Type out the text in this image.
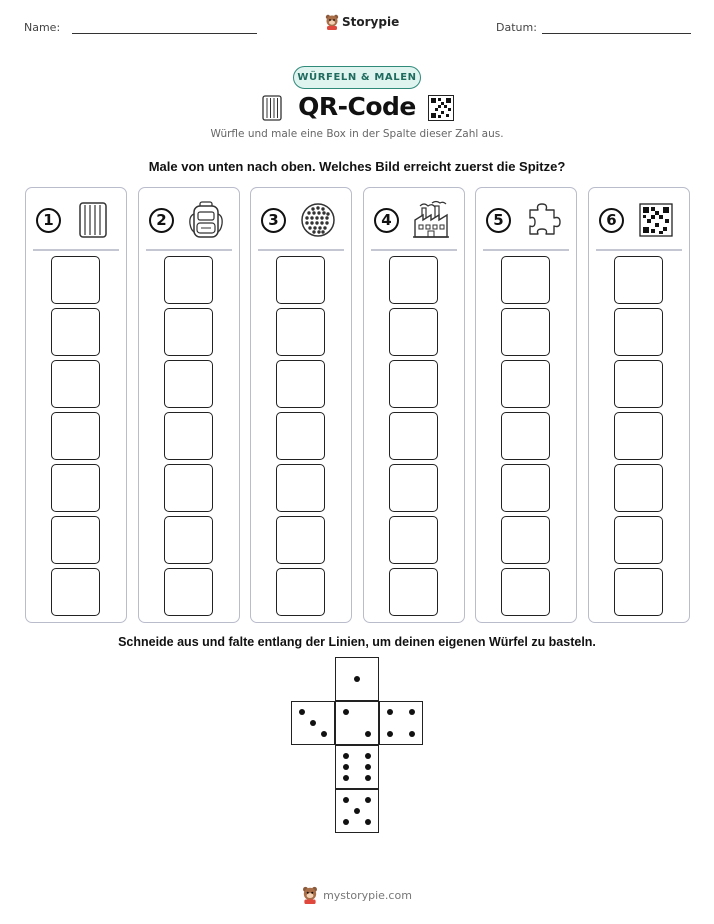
Name:	Storypie	Datum:
WÜRFELN & MALEN
QR-Code
Würfle und male eine Box in der Spalte dieser Zahl aus.
Male von unten nach oben. Welches Bild erreicht zuerst die Spitze?
1	2	3	4	5	6
Schneide aus und falte entlang der Linien, um deinen eigenen Würfel zu basteln.
mystorypie.com
